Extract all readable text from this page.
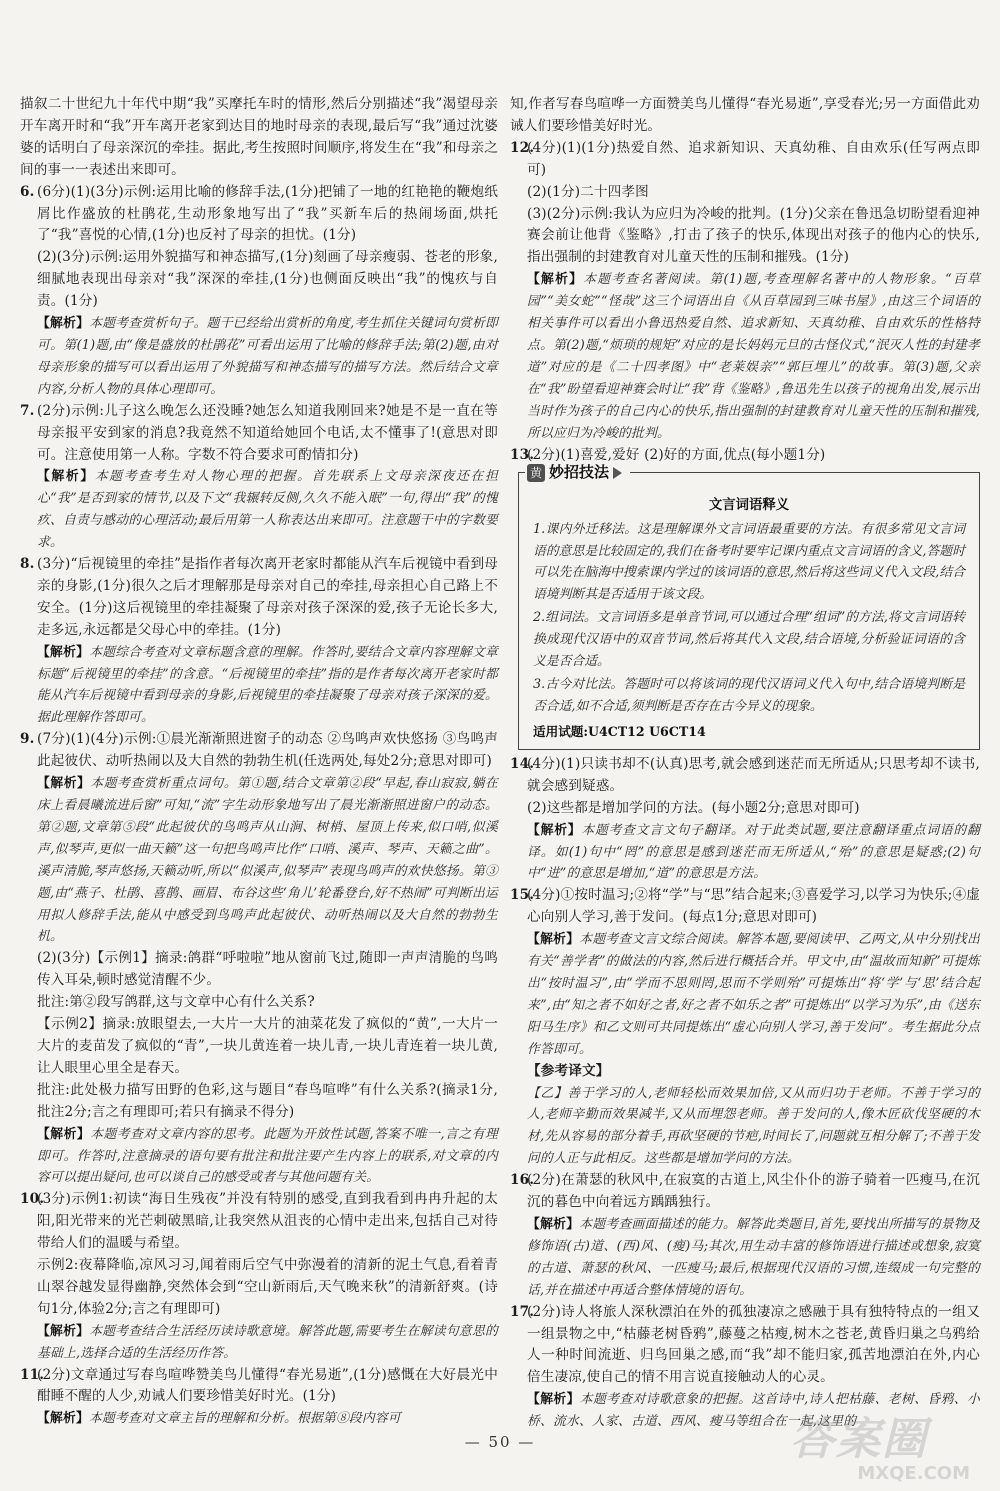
描叙二十世纪九十年代中期“我”买摩托车时的情形,然后分别描述“我”渴望母亲开车离开时和“我”开车离开老家到达目的地时母亲的表现,最后写“我”通过沈婆婆的话明白了母亲深沉的牵挂。据此,考生按照时间顺序,将发生在“我”和母亲之间的事一一表述出来即可。

6. (6分)(1)(3分)示例:运用比喻的修辞手法,(1分)把铺了一地的红艳艳的鞭炮纸屑比作盛放的杜鹃花,生动形象地写出了“我”买新车后的热闹场面,烘托了“我”喜悦的心情,(1分)也反衬了母亲的担忧。(1分)
(2)(3分)示例:运用外貌描写和神态描写,(1分)刻画了母亲瘦弱、苍老的形象,细腻地表现出母亲对“我”深深的牵挂,(1分)也侧面反映出“我”的愧疚与自责。(1分)

【解析】本题考查赏析句子。题干已经给出赏析的角度,考生抓住关键词句赏析即可。第(1)题,由“像是盛放的杜鹃花”可看出运用了比喻的修辞手法;第(2)题,由对母亲形象的描写可以看出运用了外貌描写和神态描写的描写方法。然后结合文章内容,分析人物的具体心理即可。

7. (2分)示例:儿子这么晚怎么还没睡?她怎么知道我刚回来?她是不是一直在等母亲报平安到家的消息?我竟然不知道给她回个电话,太不懂事了!(意思对即可。注意使用第一人称。字数不符合要求可酌情扣分)

【解析】本题考查考生对人物心理的把握。首先联系上文母亲深夜还在担心“我”是否到家的情节,以及下文“我辗转反侧,久久不能入眠”一句,得出“我”的愧疚、自责与感动的心理活动;最后用第一人称表达出来即可。注意题干中的字数要求。

8. (3分)“后视镜里的牵挂”是指作者每次离开老家时都能从汽车后视镜中看到母亲的身影,(1分)很久之后才理解那是母亲对自己的牵挂,母亲担心自己路上不安全。(1分)这后视镜里的牵挂凝聚了母亲对孩子深深的爱,孩子无论长多大,走多远,永远都是父母心中的牵挂。(1分)

【解析】本题综合考查对文章标题含意的理解。作答时,要结合文章内容理解文章标题“后视镜里的牵挂”的含意。“后视镜里的牵挂”指的是作者每次离开老家时都能从汽车后视镜中看到母亲的身影,后视镜里的牵挂凝聚了母亲对孩子深深的爱。据此理解作答即可。

9. (7分)(1)(4分)示例:①晨光渐渐照进窗子的动态 ②鸟鸣声欢快悠扬 ③鸟鸣声此起彼伏、动听热闹以及大自然的勃勃生机(任选两处,每处2分;意思对即可)

【解析】本题考查赏析重点词句。第①题,结合文章第②段“早起,春山寂寂,躺在床上看晨曦流进后窗”可知,“流”字生动形象地写出了晨光渐渐照进窗户的动态。第②题,文章第⑤段“此起彼伏的鸟鸣声从山涧、树梢、屋顶上传来,似口哨,似溪声,似琴声,更似一曲天籁”这一句把鸟鸣声比作“口哨、溪声、琴声、天籁之曲”。溪声清脆,琴声悠扬,天籁动听,所以“似溪声,似琴声”表现鸟鸣声的欢快悠扬。第③题,由“燕子、杜鹃、喜鹊、画眉、布谷这些‘角儿’轮番登台,好不热闹”可判断出运用拟人修辞手法,能从中感受到鸟鸣声此起彼伏、动听热闹以及大自然的勃勃生机。

(2)(3分)【示例1】摘录:鸽群“呼啦啦”地从窗前飞过,随即一声声清脆的鸟鸣传入耳朵,顿时感觉清醒不少。
批注:第②段写鸽群,这与文章中心有什么关系?
【示例2】摘录:放眼望去,一大片一大片的油菜花发了疯似的“黄”,一大片一大片的麦苗发了疯似的“青”,一块儿黄连着一块儿青,一块儿青连着一块儿黄,让人眼里心里全是春天。
批注:此处极力描写田野的色彩,这与题目“春鸟喧哗”有什么关系?(摘录1分,批注2分;言之有理即可;若只有摘录不得分)

【解析】本题考查对文章内容的思考。此题为开放性试题,答案不唯一,言之有理即可。作答时,注意摘录的语句要有批注和批注要产生内容上的联系,对文章的内容可以提出疑问,也可以谈自己的感受或者与其他问题有关。

10.(3分)示例1:初读“海日生残夜”并没有特别的感受,直到我看到冉冉升起的太阳,阳光带来的光芒刺破黑暗,让我突然从沮丧的心情中走出来,包括自己对待带给人们的温暖与希望。
示例2:夜幕降临,凉风习习,闻着雨后空气中弥漫着的清新的泥土气息,看着青山翠谷越发显得幽静,突然体会到“空山新雨后,天气晚来秋”的清新舒爽。(诗句1分,体验2分;言之有理即可)

【解析】本题考查结合生活经历读诗歌意境。解答此题,需要考生在解读句意思的基础上,选择合适的生活经历作答。

11.(2分)文章通过写春鸟喧哗赞美鸟儿懂得“春光易逝”,(1分)感慨在大好晨光中酣睡不醒的人少,劝诫人们要珍惜美好时光。(1分)

【解析】本题考查对文章主旨的理解和分析。根据第⑧段内容可

知,作者写春鸟喧哗一方面赞美鸟儿懂得“春光易逝”,享受春光;另一方面借此劝诫人们要珍惜美好时光。

12.(4分)(1)(1分)热爱自然、追求新知识、天真幼稚、自由欢乐(任写两点即可)
(2)(1分)二十四孝图
(3)(2分)示例:我认为应归为冷峻的批判。(1分)父亲在鲁迅急切盼望看迎神赛会前让他背《鉴略》,打击了孩子的快乐,体现出对孩子的他内心的快乐,指出强制的封建教育对儿童天性的压制和摧残。(1分)

【解析】本题考查名著阅读。第(1)题,考查理解名著中的人物形象。“百草园”“美女蛇”“怪哉”这三个词语出自《从百草园到三味书屋》,由这三个词语的相关事件可以看出小鲁迅热爱自然、追求新知、天真幼稚、自由欢乐的性格特点。第(2)题,“烦琐的规矩”对应的是长妈妈元旦的古怪仪式,“泯灭人性的封建孝道”对应的是《二十四孝图》中“老莱娱亲”“郭巨埋儿”的故事。第(3)题,父亲在“我”盼望看迎神赛会时让“我”背《鉴略》,鲁迅先生以孩子的视角出发,展示出当时作为孩子的自己内心的快乐,指出强制的封建教育对儿童天性的压制和摧残,所以应归为冷峻的批判。

13.(2分)(1)喜爱,爱好 (2)好的方面,优点(每小题1分)
黄 妙招技法
文言词语释义
1.课内外迁移法。这是理解课外文言词语最重要的方法。有很多常见文言词语的意思是比较固定的,我们在备考时要牢记课内重点文言词语的含义,答题时可以先在脑海中搜索课内学过的该词语的意思,然后将这些词义代入文段,结合语境判断其是否适用于该文段。
2.组词法。文言词语多是单音节词,可以通过合理“组词”的方法,将文言词语转换成现代汉语中的双音节词,然后将其代入文段,结合语境,分析验证词语的含义是否合适。
3.古今对比法。答题时可以将该词的现代汉语词义代入句中,结合语境判断是否合适,如不合适,须判断是否存在古今异义的现象。
适用试题:U4CT12 U6CT14
14.(4分)(1)只读书却不(认真)思考,就会感到迷茫而无所适从;只思考却不读书,就会感到疑惑。
(2)这些都是增加学问的方法。(每小题2分;意思对即可)

【解析】本题考查文言文句子翻译。对于此类试题,要注意翻译重点词语的翻译。如(1)句中“罔”的意思是感到迷茫而无所适从,“殆”的意思是疑惑;(2)句中“进”的意思是增加,“道”的意思是方法。

15.(4分)①按时温习;②将“学”与“思”结合起来;③喜爱学习,以学习为快乐;④虚心向别人学习,善于发问。(每点1分;意思对即可)

【解析】本题考查文言文综合阅读。解答本题,要阅读甲、乙两文,从中分别找出有关“善学者”的做法的内容,然后进行概括合并。甲文中,由“温故而知新”可提炼出“按时温习”,由“学而不思则罔,思而不学则殆”可提炼出“将‘学’与‘思’结合起来”,由“知之者不如好之者,好之者不如乐之者”可提炼出“以学习为乐”,由《送东阳马生序》和乙文则可共同提炼出“虚心向别人学习,善于发问”。考生据此分点作答即可。

【参考译文】

【乙】善于学习的人,老师轻松而效果加倍,又从而归功于老师。不善于学习的人,老师辛勤而效果减半,又从而埋怨老师。善于发问的人,像木匠砍伐坚硬的木材,先从容易的部分着手,再砍坚硬的节疤,时间长了,问题就互相分解了;不善于发问的人正与此相反。这些都是增加学问的方法。

16.(2分)在萧瑟的秋风中,在寂寞的古道上,风尘仆仆的游子骑着一匹瘦马,在沉沉的暮色中向着远方踽踽独行。

【解析】本题考查画面描述的能力。解答此类题目,首先,要找出所描写的景物及修饰语(古)道、(西)风、(瘦)马;其次,用生动丰富的修饰语进行描述或想象,寂寞的古道、萧瑟的秋风、一匹瘦马;最后,根据现代汉语的习惯,连缀成一句完整的话,并在描述中再适合整体情境的语句。

17.(2分)诗人将旅人深秋漂泊在外的孤独凄凉之感融于具有独特特点的一组又一组景物之中,“枯藤老树昏鸦”,藤蔓之枯瘦,树木之苍老,黄昏归巢之乌鸦给人一种时间流逝、归鸟回巢之感,而“我”却不能归家,孤苦地漂泊在外,内心倍生凄凉,使自己的情不用言说直接触动人的心灵。

【解析】本题考查对诗歌意象的把握。这首诗中,诗人把枯藤、老树、昏鸦、小桥、流水、人家、古道、西风、瘦马等组合在一起,这里的

— 50 —	答案圈
MXQE.COM
